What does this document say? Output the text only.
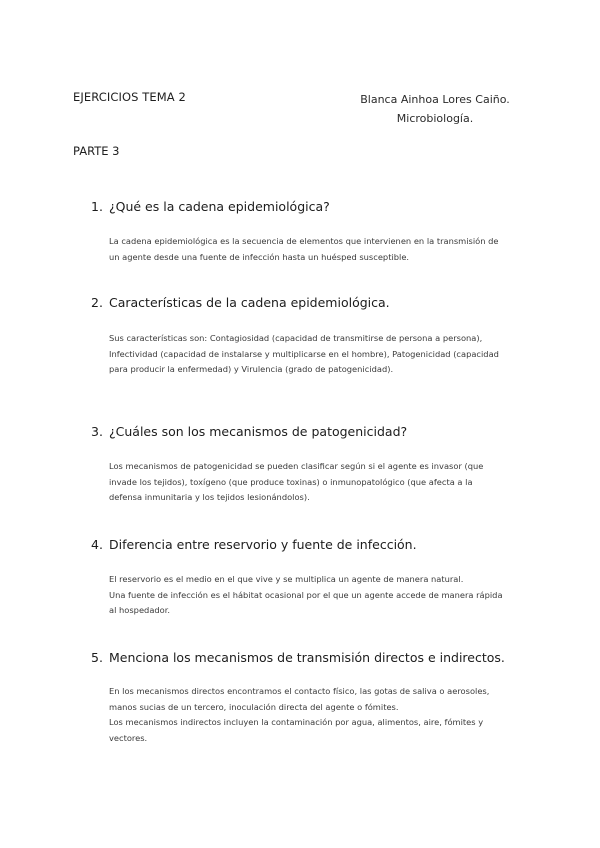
EJERCICIOS TEMA 2	Blanca Ainhoa Lores Caiño.
Microbiología.
PARTE 3
1. ¿Qué es la cadena epidemiológica?

La cadena epidemiológica es la secuencia de elementos que intervienen en la transmisión de un agente desde una fuente de infección hasta un huésped susceptible.

2. Características de la cadena epidemiológica.

Sus características son: Contagiosidad (capacidad de transmitirse de persona a persona), Infectividad (capacidad de instalarse y multiplicarse en el hombre), Patogenicidad (capacidad para producir la enfermedad) y Virulencia (grado de patogenicidad).

3. ¿Cuáles son los mecanismos de patogenicidad?

Los mecanismos de patogenicidad se pueden clasificar según si el agente es invasor (que invade los tejidos), toxígeno (que produce toxinas) o inmunopatológico (que afecta a la defensa inmunitaria y los tejidos lesionándolos).

4. Diferencia entre reservorio y fuente de infección.

El reservorio es el medio en el que vive y se multiplica un agente de manera natural.

Una fuente de infección es el hábitat ocasional por el que un agente accede de manera rápida al hospedador.

5. Menciona los mecanismos de transmisión directos e indirectos.

En los mecanismos directos encontramos el contacto físico, las gotas de saliva o aerosoles, manos sucias de un tercero, inoculación directa del agente o fómites.

Los mecanismos indirectos incluyen la contaminación por agua, alimentos, aire, fómites y vectores.
